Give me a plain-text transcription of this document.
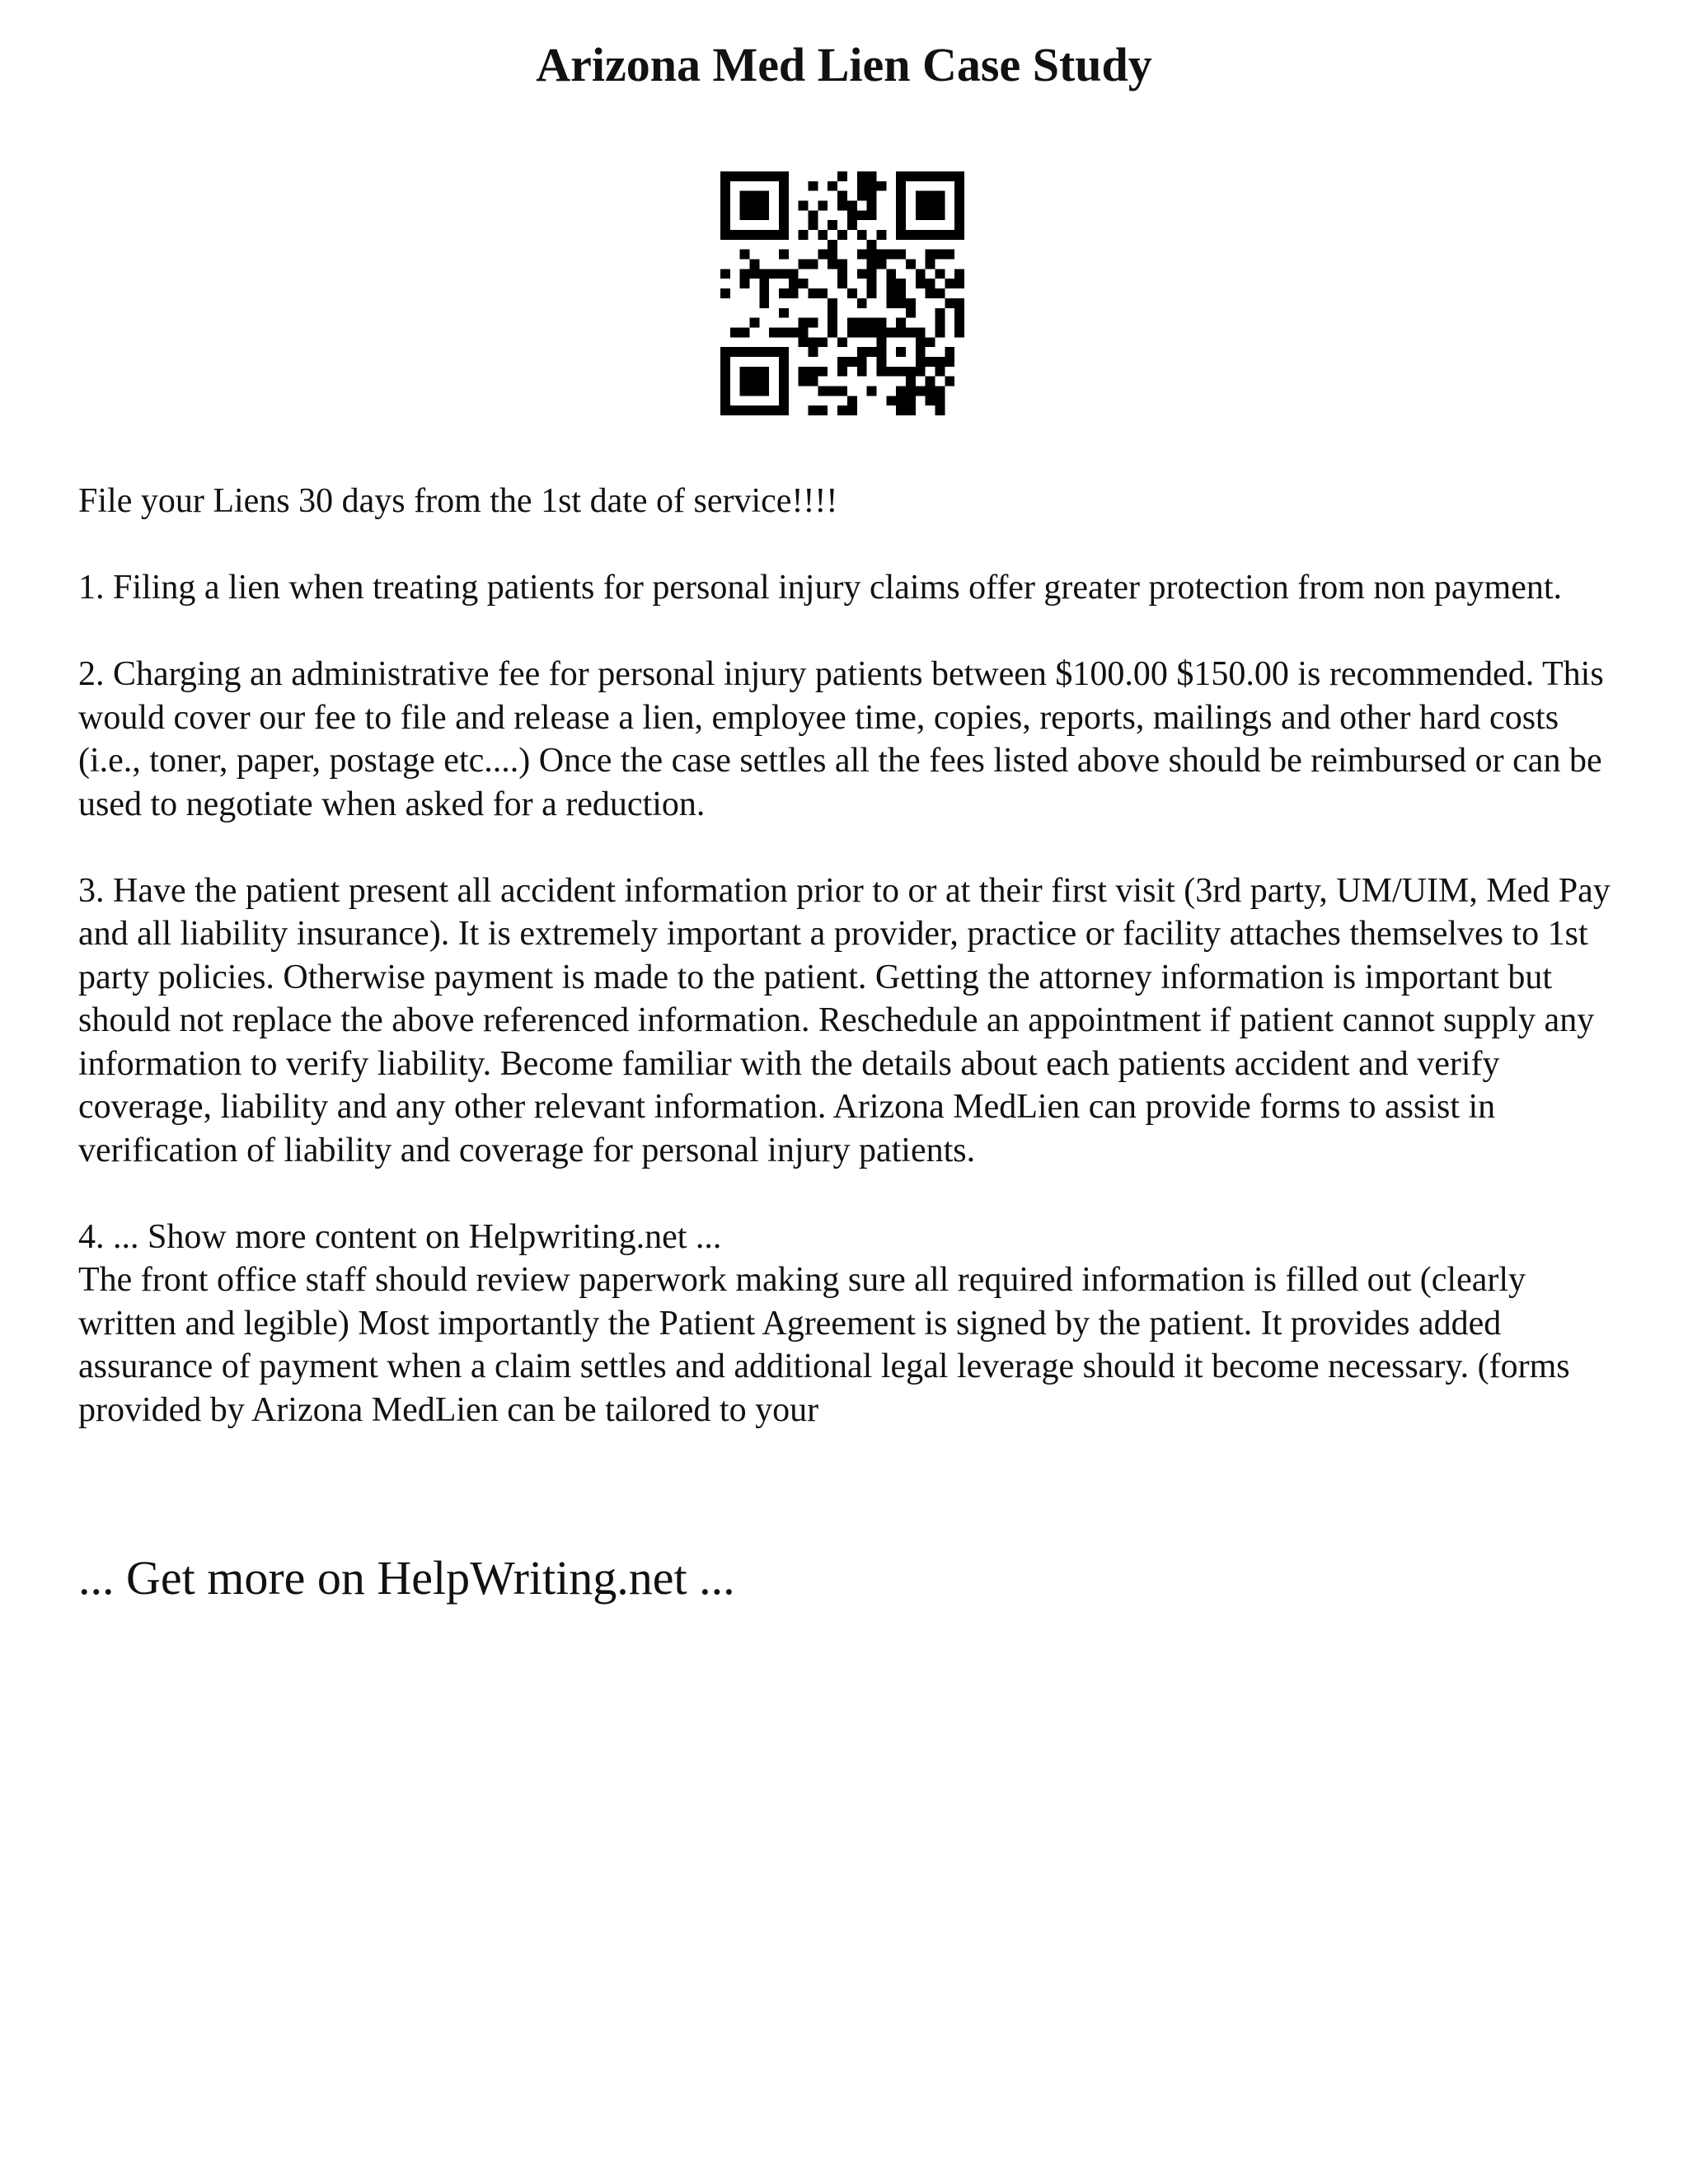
Arizona Med Lien Case Study

File your Liens 30 days from the 1st date of service!!!!

1. Filing a lien when treating patients for personal injury claims offer greater protection from non payment.

2. Charging an administrative fee for personal injury patients between $100.00 $150.00 is recommended. This would cover our fee to file and release a lien, employee time, copies, reports, mailings and other hard costs (i.e., toner, paper, postage etc....) Once the case settles all the fees listed above should be reimbursed or can be used to negotiate when asked for a reduction.

3. Have the patient present all accident information prior to or at their first visit (3rd party, UM/UIM, Med Pay and all liability insurance). It is extremely important a provider, practice or facility attaches themselves to 1st party policies. Otherwise payment is made to the patient. Getting the attorney information is important but should not replace the above referenced information. Reschedule an appointment if patient cannot supply any information to verify liability. Become familiar with the details about each patients accident and verify coverage, liability and any other relevant information. Arizona MedLien can provide forms to assist in verification of liability and coverage for personal injury patients.

4. ... Show more content on Helpwriting.net ...

The front office staff should review paperwork making sure all required information is filled out (clearly written and legible) Most importantly the Patient Agreement is signed by the patient. It provides added assurance of payment when a claim settles and additional legal leverage should it become necessary. (forms provided by Arizona MedLien can be tailored to your

... Get more on HelpWriting.net ...
